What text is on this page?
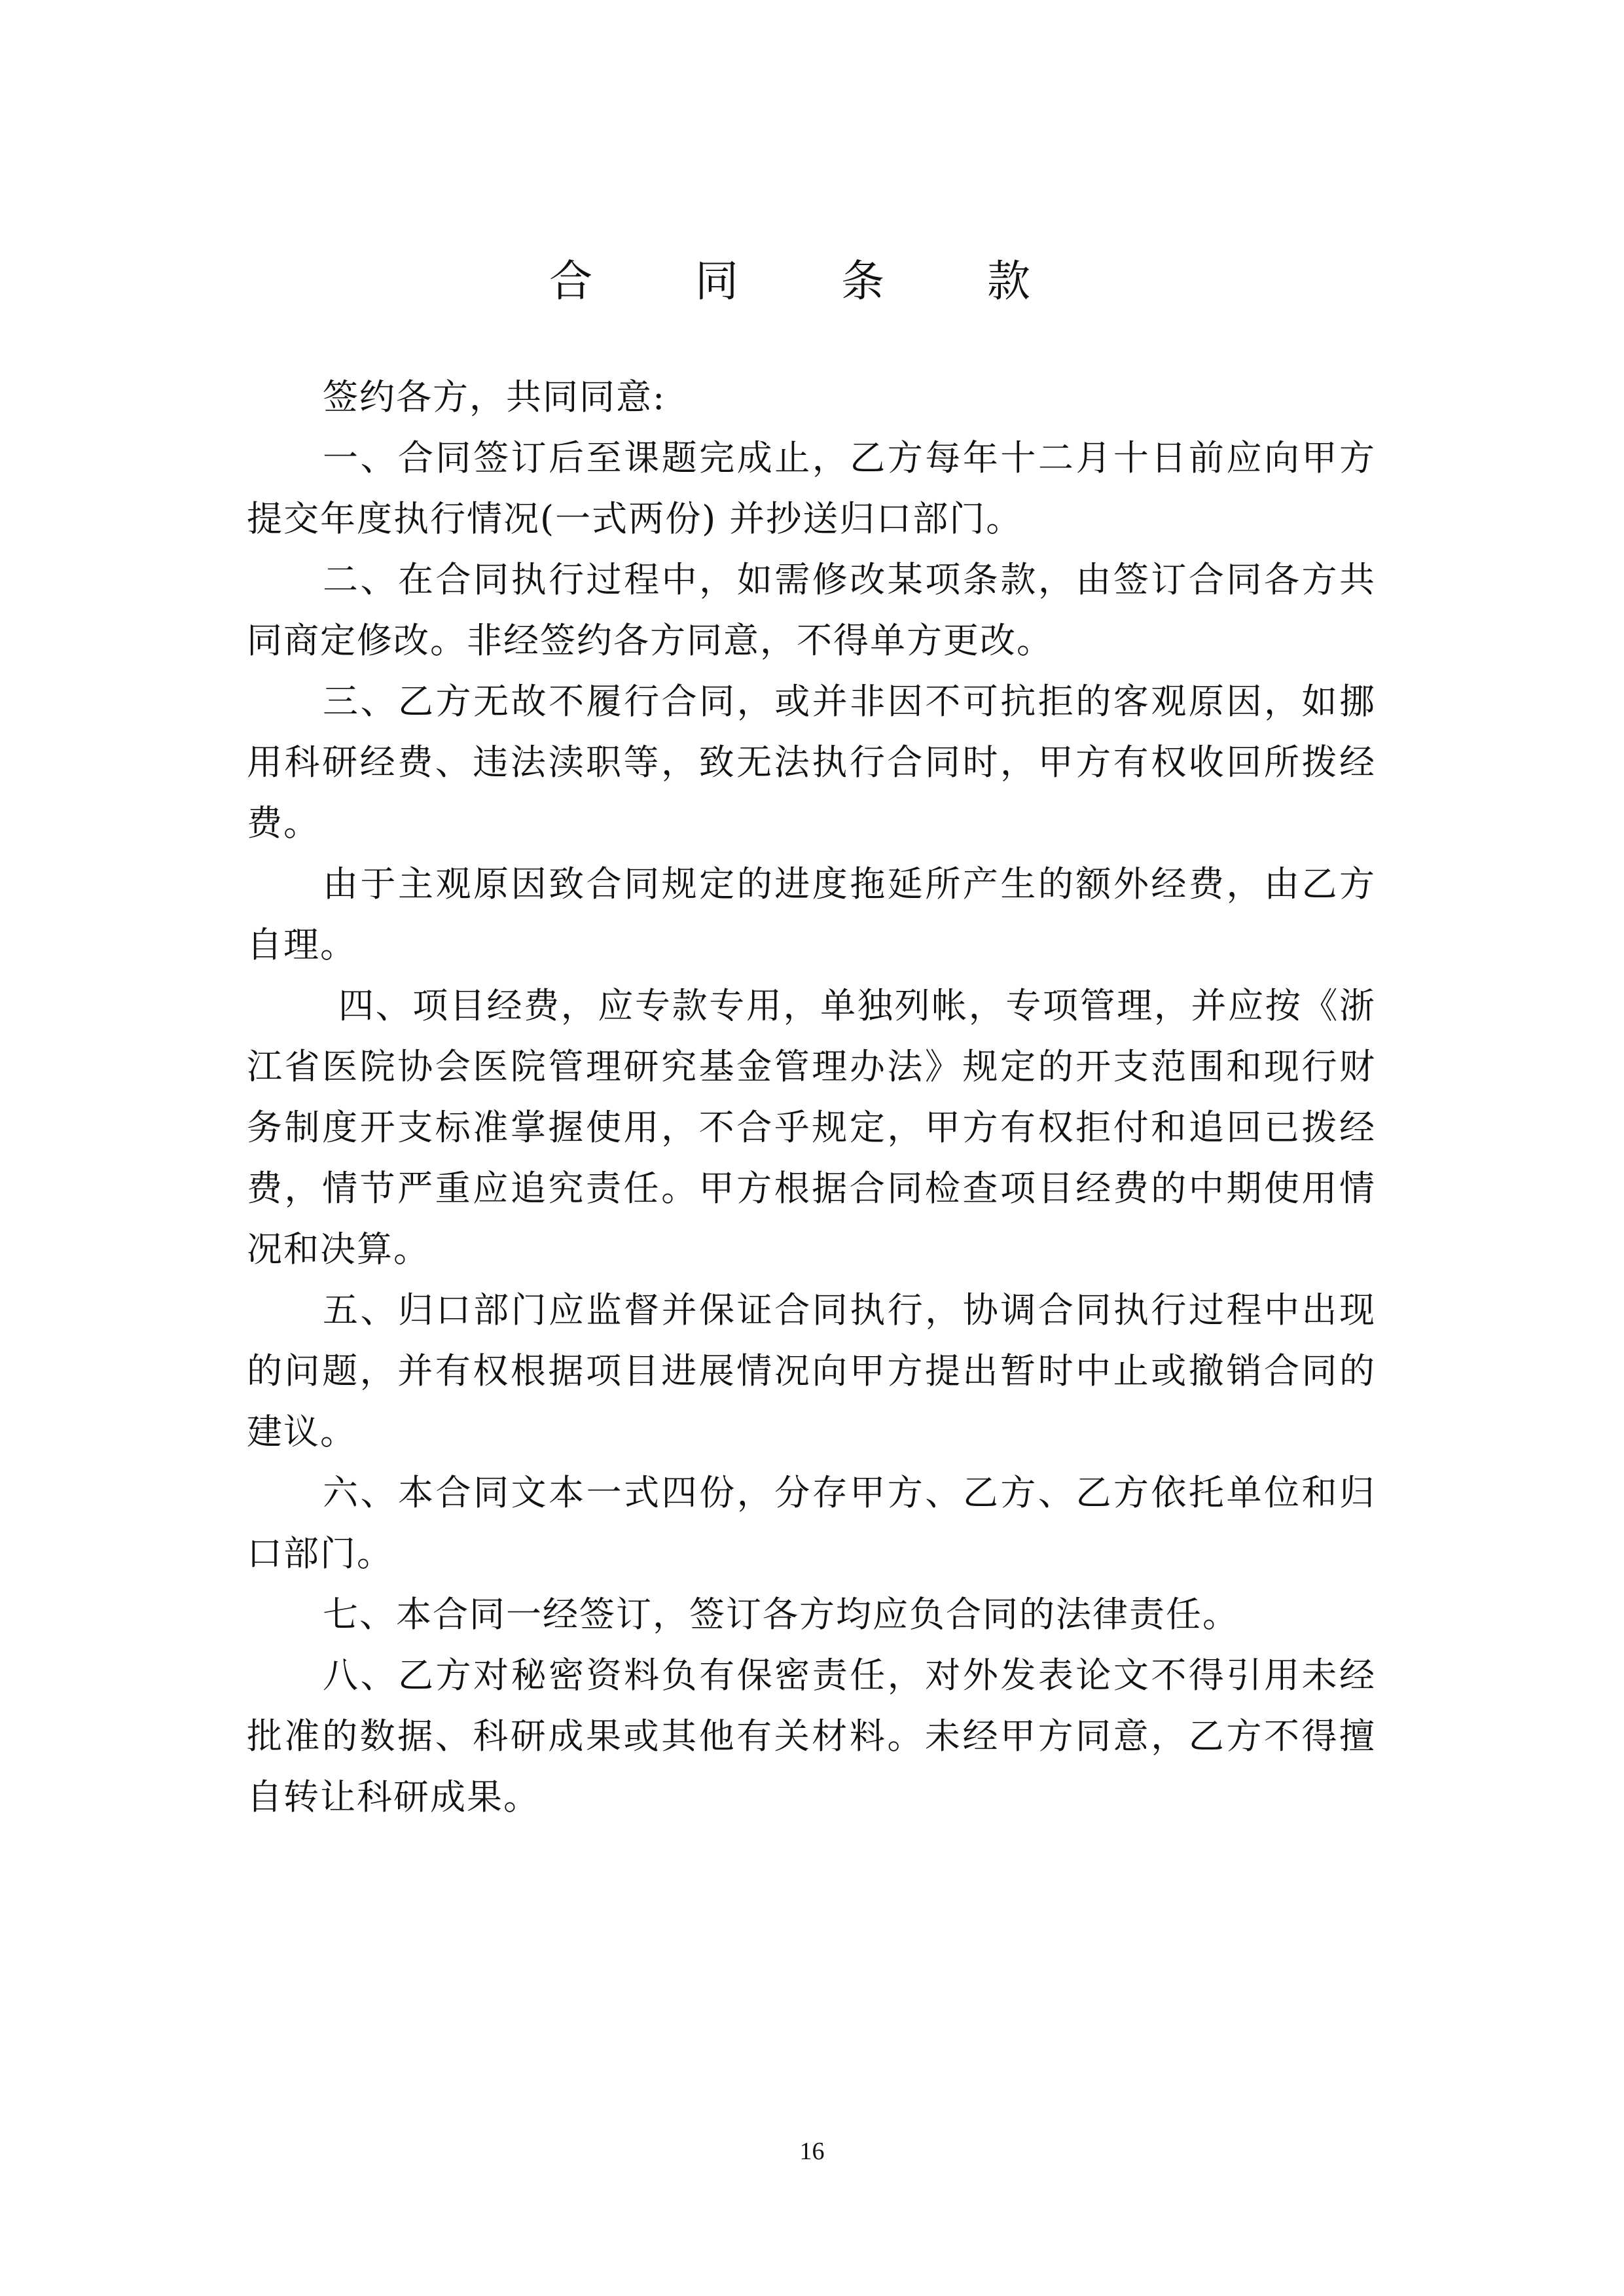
合 同 条 款

签约各方，共同同意:

一、合同签订后至课题完成止，乙方每年十二月十日前应向甲方提交年度执行情况(一式两份) 并抄送归口部门。

二、在合同执行过程中，如需修改某项条款，由签订合同各方共同商定修改。非经签约各方同意，不得单方更改。

三、乙方无故不履行合同，或并非因不可抗拒的客观原因，如挪用科研经费、违法渎职等，致无法执行合同时，甲方有权收回所拨经费。

由于主观原因致合同规定的进度拖延所产生的额外经费，由乙方自理。

四、项目经费，应专款专用，单独列帐，专项管理，并应按《浙江省医院协会医院管理研究基金管理办法》规定的开支范围和现行财务制度开支标准掌握使用，不合乎规定，甲方有权拒付和追回已拨经费，情节严重应追究责任。甲方根据合同检查项目经费的中期使用情况和决算。

五、归口部门应监督并保证合同执行，协调合同执行过程中出现的问题，并有权根据项目进展情况向甲方提出暂时中止或撤销合同的建议。

六、本合同文本一式四份，分存甲方、乙方、乙方依托单位和归口部门。

七、本合同一经签订，签订各方均应负合同的法律责任。

八、乙方对秘密资料负有保密责任，对外发表论文不得引用未经批准的数据、科研成果或其他有关材料。未经甲方同意，乙方不得擅自转让科研成果。

16
